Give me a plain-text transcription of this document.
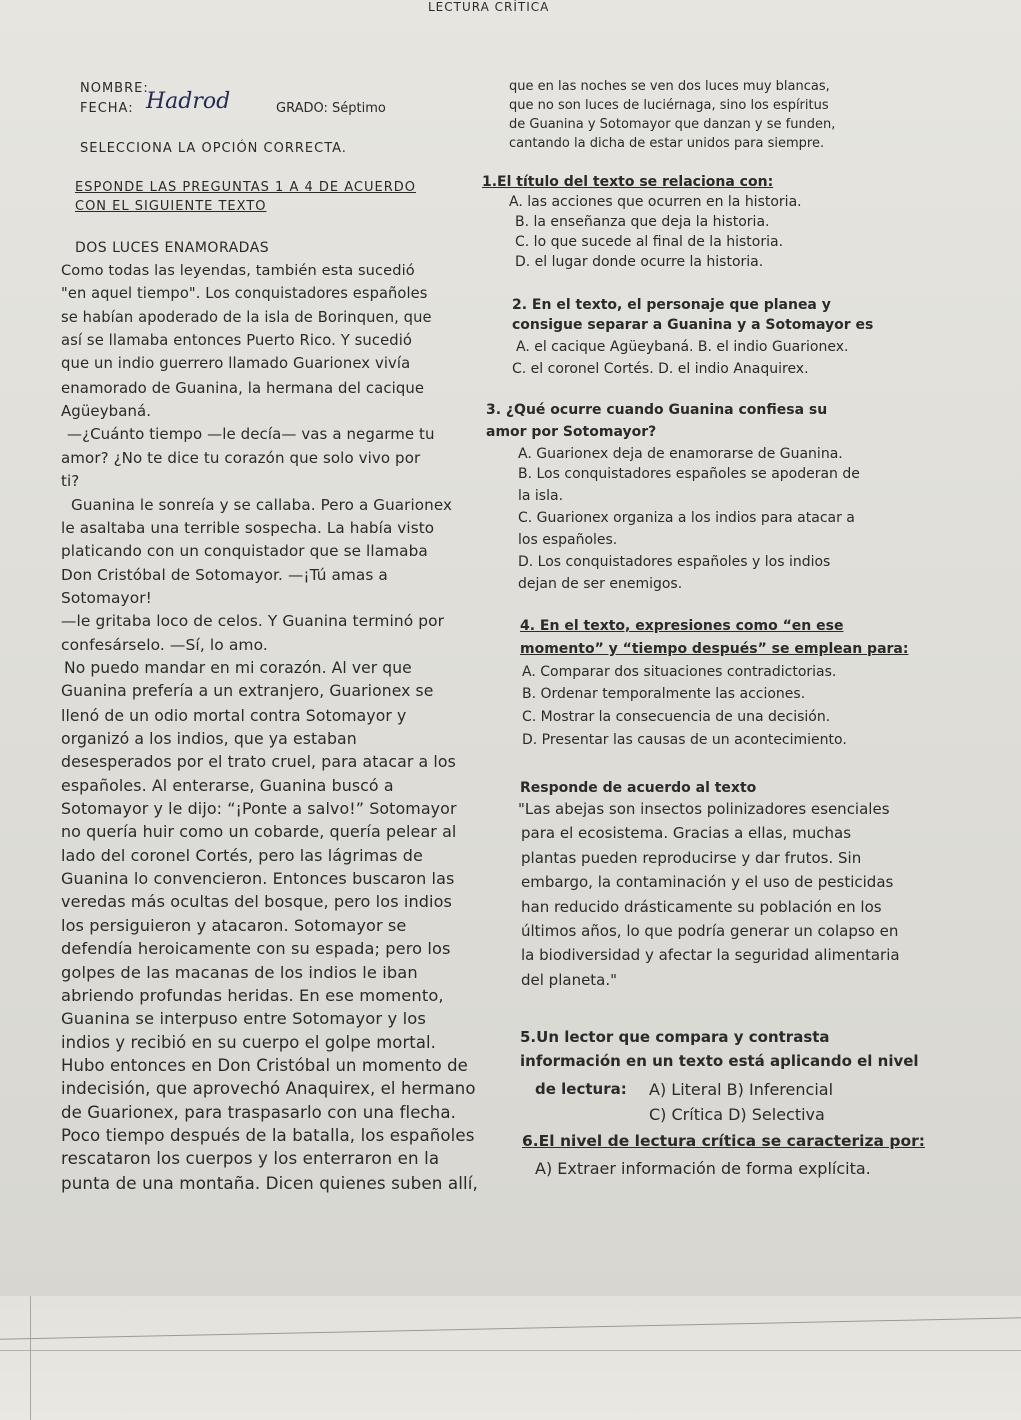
LECTURA CRÍTICA
NOMBRE:
FECHA: Hadrod	GRADO: Séptimo
SELECCIONA LA OPCIÓN CORRECTA.
ESPONDE LAS PREGUNTAS 1 A 4 DE ACUERDO
CON EL SIGUIENTE TEXTO
DOS LUCES ENAMORADAS
Como todas las leyendas, también esta sucedió
"en aquel tiempo". Los conquistadores españoles
se habían apoderado de la isla de Borinquen, que
así se llamaba entonces Puerto Rico. Y sucedió
que un indio guerrero llamado Guarionex vivía
enamorado de Guanina, la hermana del cacique
Agüeybaná.
—¿Cuánto tiempo —le decía— vas a negarme tu
amor? ¿No te dice tu corazón que solo vivo por
ti?
Guanina le sonreía y se callaba. Pero a Guarionex
le asaltaba una terrible sospecha. La había visto
platicando con un conquistador que se llamaba
Don Cristóbal de Sotomayor. —¡Tú amas a
Sotomayor!
—le gritaba loco de celos. Y Guanina terminó por
confesárselo. —Sí, lo amo.
No puedo mandar en mi corazón. Al ver que
Guanina prefería a un extranjero, Guarionex se
llenó de un odio mortal contra Sotomayor y
organizó a los indios, que ya estaban
desesperados por el trato cruel, para atacar a los
españoles. Al enterarse, Guanina buscó a
Sotomayor y le dijo: “¡Ponte a salvo!” Sotomayor
no quería huir como un cobarde, quería pelear al
lado del coronel Cortés, pero las lágrimas de
Guanina lo convencieron. Entonces buscaron las
veredas más ocultas del bosque, pero los indios
los persiguieron y atacaron. Sotomayor se
defendía heroicamente con su espada; pero los
golpes de las macanas de los indios le iban
abriendo profundas heridas. En ese momento,
Guanina se interpuso entre Sotomayor y los
indios y recibió en su cuerpo el golpe mortal.
Hubo entonces en Don Cristóbal un momento de
indecisión, que aprovechó Anaquirex, el hermano
de Guarionex, para traspasarlo con una flecha.
Poco tiempo después de la batalla, los españoles
rescataron los cuerpos y los enterraron en la
punta de una montaña. Dicen quienes suben allí,
que en las noches se ven dos luces muy blancas,
que no son luces de luciérnaga, sino los espíritus
de Guanina y Sotomayor que danzan y se funden,
cantando la dicha de estar unidos para siempre.
1.El título del texto se relaciona con:
A. las acciones que ocurren en la historia.
B. la enseñanza que deja la historia.
C. lo que sucede al final de la historia.
D. el lugar donde ocurre la historia.
2. En el texto, el personaje que planea y
consigue separar a Guanina y a Sotomayor es
A. el cacique Agüeybaná. B. el indio Guarionex.
C. el coronel Cortés. D. el indio Anaquirex.
3. ¿Qué ocurre cuando Guanina confiesa su
amor por Sotomayor?
A. Guarionex deja de enamorarse de Guanina.
B. Los conquistadores españoles se apoderan de
la isla.
C. Guarionex organiza a los indios para atacar a
los españoles.
D. Los conquistadores españoles y los indios
dejan de ser enemigos.
4. En el texto, expresiones como “en ese
momento” y “tiempo después” se emplean para:
A. Comparar dos situaciones contradictorias.
B. Ordenar temporalmente las acciones.
C. Mostrar la consecuencia de una decisión.
D. Presentar las causas de un acontecimiento.
Responde de acuerdo al texto
"Las abejas son insectos polinizadores esenciales
para el ecosistema. Gracias a ellas, muchas
plantas pueden reproducirse y dar frutos. Sin
embargo, la contaminación y el uso de pesticidas
han reducido drásticamente su población en los
últimos años, lo que podría generar un colapso en
la biodiversidad y afectar la seguridad alimentaria
del planeta."
5.Un lector que compara y contrasta
información en un texto está aplicando el nivel
de lectura: A) Literal B) Inferencial
C) Crítica D) Selectiva
6.El nivel de lectura crítica se caracteriza por:
A) Extraer información de forma explícita.
